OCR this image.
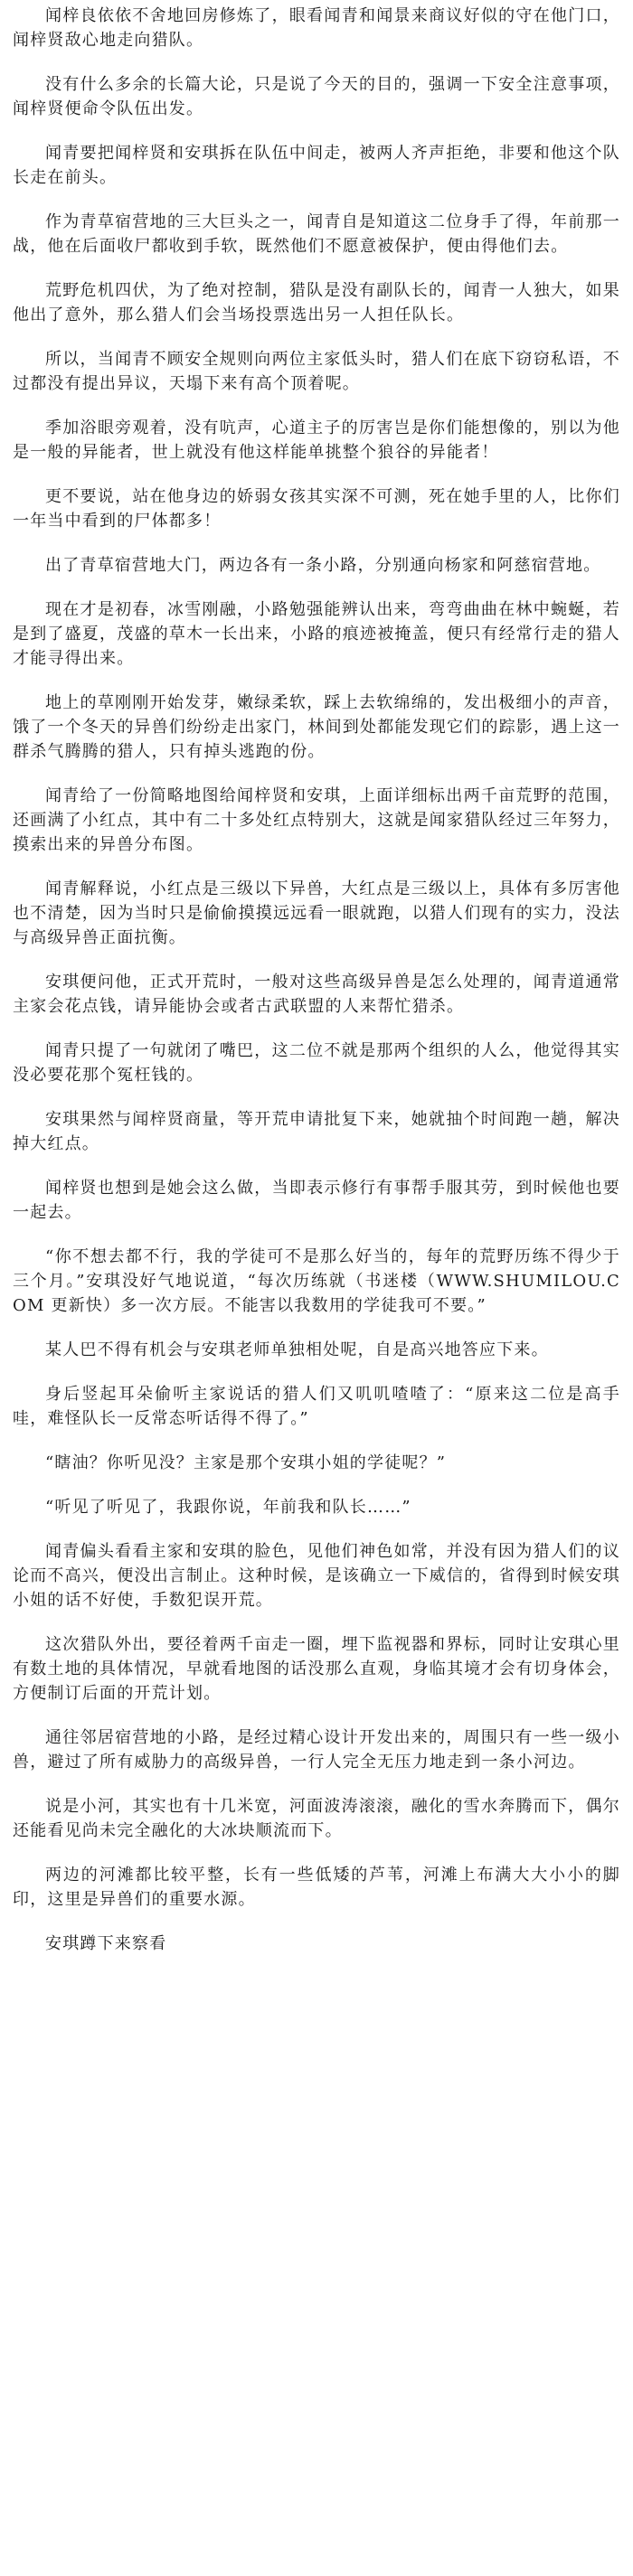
闻梓良依依不舍地回房修炼了，眼看闻青和闻景来商议好似的守在他门口，闻梓贤敌心地走向猎队。

没有什么多余的长篇大论，只是说了今天的目的，强调一下安全注意事项，闻梓贤便命令队伍出发。

闻青要把闻梓贤和安琪拆在队伍中间走，被两人齐声拒绝，非要和他这个队长走在前头。

作为青草宿营地的三大巨头之一，闻青自是知道这二位身手了得，年前那一战，他在后面收尸都收到手软，既然他们不愿意被保护，便由得他们去。

荒野危机四伏，为了绝对控制，猎队是没有副队长的，闻青一人独大，如果他出了意外，那么猎人们会当场投票选出另一人担任队长。

所以，当闻青不顾安全规则向两位主家低头时，猎人们在底下窃窃私语，不过都没有提出异议，天塌下来有高个顶着呢。

季加浴眼旁观着，没有吭声，心道主子的厉害岂是你们能想像的，别以为他是一般的异能者，世上就没有他这样能单挑整个狼谷的异能者！

更不要说，站在他身边的娇弱女孩其实深不可测，死在她手里的人，比你们一年当中看到的尸体都多！

出了青草宿营地大门，两边各有一条小路，分别通向杨家和阿慈宿营地。

现在才是初春，冰雪刚融，小路勉强能辨认出来，弯弯曲曲在林中蜿蜒，若是到了盛夏，茂盛的草木一长出来，小路的痕迹被掩盖，便只有经常行走的猎人才能寻得出来。

地上的草刚刚开始发芽，嫩绿柔软，踩上去软绵绵的，发出极细小的声音，饿了一个冬天的异兽们纷纷走出家门，林间到处都能发现它们的踪影，遇上这一群杀气腾腾的猎人，只有掉头逃跑的份。

闻青给了一份简略地图给闻梓贤和安琪，上面详细标出两千亩荒野的范围，还画满了小红点，其中有二十多处红点特别大，这就是闻家猎队经过三年努力，摸索出来的异兽分布图。

闻青解释说，小红点是三级以下异兽，大红点是三级以上，具体有多厉害他也不清楚，因为当时只是偷偷摸摸远远看一眼就跑，以猎人们现有的实力，没法与高级异兽正面抗衡。

安琪便问他，正式开荒时，一般对这些高级异兽是怎么处理的，闻青道通常主家会花点钱，请异能协会或者古武联盟的人来帮忙猎杀。

闻青只提了一句就闭了嘴巴，这二位不就是那两个组织的人么，他觉得其实没必要花那个冤枉钱的。

安琪果然与闻梓贤商量，等开荒申请批复下来，她就抽个时间跑一趟，解决掉大红点。

闻梓贤也想到是她会这么做，当即表示修行有事帮手服其劳，到时候他也要一起去。

“你不想去都不行，我的学徒可不是那么好当的，每年的荒野历练不得少于三个月。”安琪没好气地说道，“每次历练就（书迷楼（WWW.SHUMILOU.COM 更新快）多一次方辰。不能害以我数用的学徒我可不要。”

某人巴不得有机会与安琪老师单独相处呢，自是高兴地答应下来。

身后竖起耳朵偷听主家说话的猎人们又叽叽喳喳了：“原来这二位是高手哇，难怪队长一反常态听话得不得了。”

“瞎油？你听见没？主家是那个安琪小姐的学徒呢？”

“听见了听见了，我跟你说，年前我和队长……”

闻青偏头看看主家和安琪的脸色，见他们神色如常，并没有因为猎人们的议论而不高兴，便没出言制止。这种时候，是该确立一下威信的，省得到时候安琪小姐的话不好使，手数犯误开荒。

这次猎队外出，要径着两千亩走一圈，埋下监视器和界标，同时让安琪心里有数土地的具体情况，早就看地图的话没那么直观，身临其境才会有切身体会，方便制订后面的开荒计划。

通往邻居宿营地的小路，是经过精心设计开发出来的，周围只有一些一级小兽，避过了所有威胁力的高级异兽，一行人完全无压力地走到一条小河边。

说是小河，其实也有十几米宽，河面波涛滚滚，融化的雪水奔腾而下，偶尔还能看见尚未完全融化的大冰块顺流而下。

两边的河滩都比较平整，长有一些低矮的芦苇，河滩上布满大大小小的脚印，这里是异兽们的重要水源。

安琪蹲下来察看
